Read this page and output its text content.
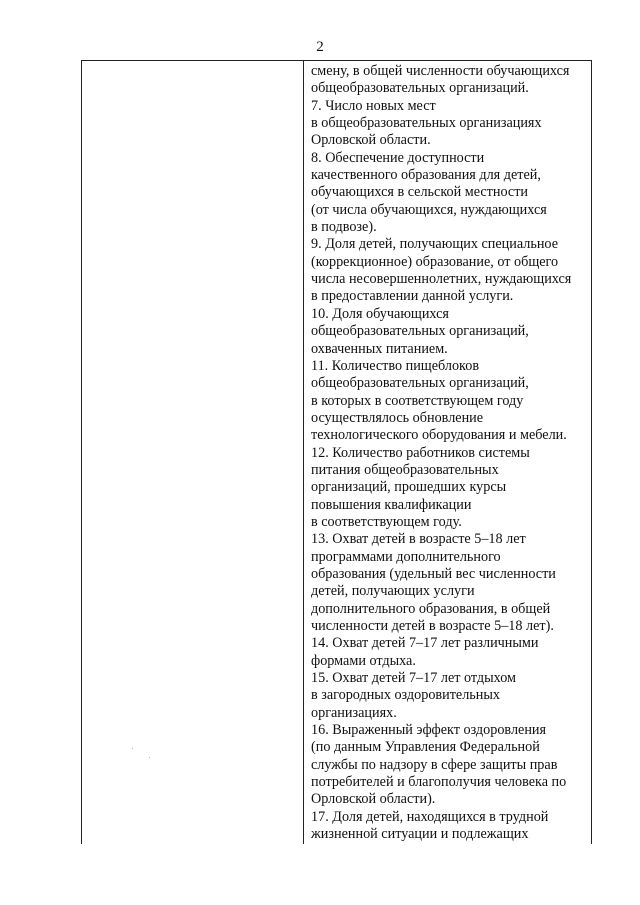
2
смену, в общей численности обучающихся
общеобразовательных организаций.
7. Число новых мест
в общеобразовательных организациях
Орловской области.
8. Обеспечение доступности
качественного образования для детей,
обучающихся в сельской местности
(от числа обучающихся, нуждающихся
в подвозе).
9. Доля детей, получающих специальное
(коррекционное) образование, от общего
числа несовершеннолетних, нуждающихся
в предоставлении данной услуги.
10. Доля обучающихся
общеобразовательных организаций,
охваченных питанием.
11. Количество пищеблоков
общеобразовательных организаций,
в которых в соответствующем году
осуществлялось обновление
технологического оборудования и мебели.
12. Количество работников системы
питания общеобразовательных
организаций, прошедших курсы
повышения квалификации
в соответствующем году.
13. Охват детей в возрасте 5–18 лет
программами дополнительного
образования (удельный вес численности
детей, получающих услуги
дополнительного образования, в общей
численности детей в возрасте 5–18 лет).
14. Охват детей 7–17 лет различными
формами отдыха.
15. Охват детей 7–17 лет отдыхом
в загородных оздоровительных
организациях.
16. Выраженный эффект оздоровления
(по данным Управления Федеральной
службы по надзору в сфере защиты прав
потребителей и благополучия человека по
Орловской области).
17. Доля детей, находящихся в трудной
жизненной ситуации и подлежащих
